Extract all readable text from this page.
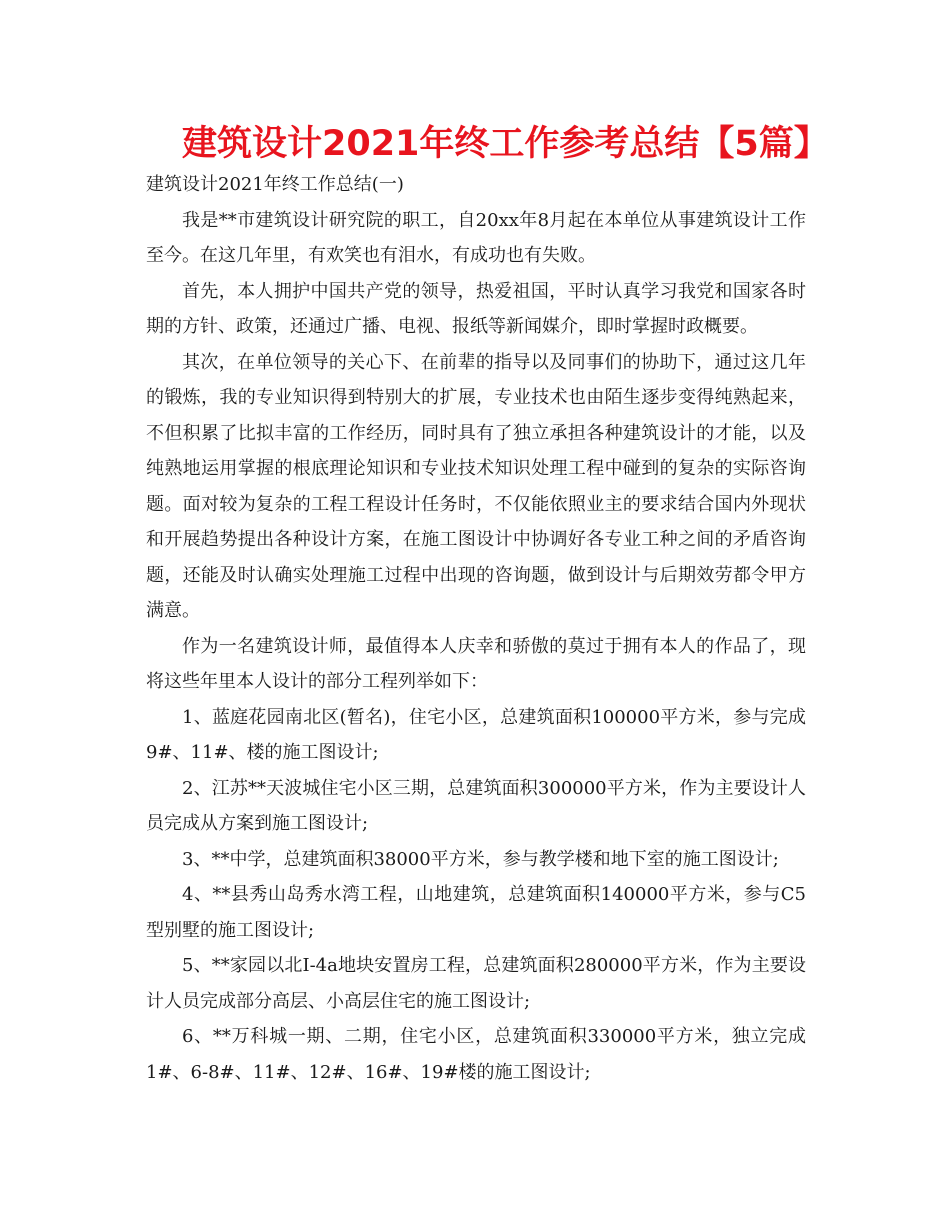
建筑设计2021年终工作参考总结【5篇】

建筑设计2021年终工作总结(一)

我是**市建筑设计研究院的职工，自20xx年8月起在本单位从事建筑设计工作至今。在这几年里，有欢笑也有泪水，有成功也有失败。

首先，本人拥护中国共产党的领导，热爱祖国，平时认真学习我党和国家各时期的方针、政策，还通过广播、电视、报纸等新闻媒介，即时掌握时政概要。

其次，在单位领导的关心下、在前辈的指导以及同事们的协助下，通过这几年的锻炼，我的专业知识得到特别大的扩展，专业技术也由陌生逐步变得纯熟起来，不但积累了比拟丰富的工作经历，同时具有了独立承担各种建筑设计的才能，以及纯熟地运用掌握的根底理论知识和专业技术知识处理工程中碰到的复杂的实际咨询题。面对较为复杂的工程工程设计任务时，不仅能依照业主的要求结合国内外现状和开展趋势提出各种设计方案，在施工图设计中协调好各专业工种之间的矛盾咨询题，还能及时认确实处理施工过程中出现的咨询题，做到设计与后期效劳都令甲方满意。

作为一名建筑设计师，最值得本人庆幸和骄傲的莫过于拥有本人的作品了，现将这些年里本人设计的部分工程列举如下：

1、蓝庭花园南北区(暂名)，住宅小区，总建筑面积100000平方米，参与完成9#、11#、楼的施工图设计;

2、江苏**天波城住宅小区三期，总建筑面积300000平方米，作为主要设计人员完成从方案到施工图设计;

3、**中学，总建筑面积38000平方米，参与教学楼和地下室的施工图设计;

4、**县秀山岛秀水湾工程，山地建筑，总建筑面积140000平方米，参与C5型别墅的施工图设计;

5、**家园以北I-4a地块安置房工程，总建筑面积280000平方米，作为主要设计人员完成部分高层、小高层住宅的施工图设计;

6、**万科城一期、二期，住宅小区，总建筑面积330000平方米，独立完成1#、6-8#、11#、12#、16#、19#楼的施工图设计;
